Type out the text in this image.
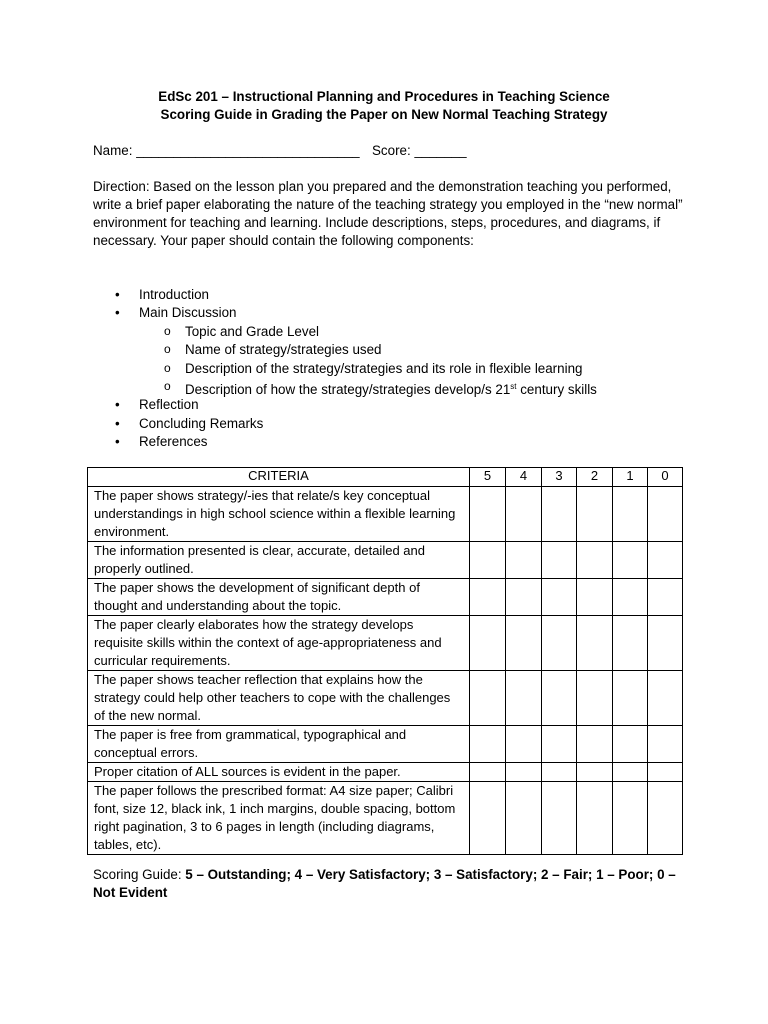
EdSc 201 – Instructional Planning and Procedures in Teaching Science
Scoring Guide in Grading the Paper on New Normal Teaching Strategy
Name: ______________________________ Score: _______
Direction: Based on the lesson plan you prepared and the demonstration teaching you performed, write a brief paper elaborating the nature of the teaching strategy you employed in the “new normal” environment for teaching and learning. Include descriptions, steps, procedures, and diagrams, if necessary. Your paper should contain the following components:
• Introduction
• Main Discussion
o Topic and Grade Level
o Name of strategy/strategies used
o Description of the strategy/strategies and its role in flexible learning
o Description of how the strategy/strategies develop/s 21st century skills
• Reflection
• Concluding Remarks
• References
CRITERIA	5	4	3	2	1	0
The paper shows strategy/-ies that relate/s key conceptual understandings in high school science within a flexible learning environment.						
The information presented is clear, accurate, detailed and properly outlined.						
The paper shows the development of significant depth of thought and understanding about the topic.						
The paper clearly elaborates how the strategy develops requisite skills within the context of age-appropriateness and curricular requirements.						
The paper shows teacher reflection that explains how the strategy could help other teachers to cope with the challenges of the new normal.						
The paper is free from grammatical, typographical and conceptual errors.						
Proper citation of ALL sources is evident in the paper.						
The paper follows the prescribed format: A4 size paper; Calibri font, size 12, black ink, 1 inch margins, double spacing, bottom right pagination, 3 to 6 pages in length (including diagrams, tables, etc).						
Scoring Guide: 5 – Outstanding; 4 – Very Satisfactory; 3 – Satisfactory; 2 – Fair; 1 – Poor; 0 – Not Evident
